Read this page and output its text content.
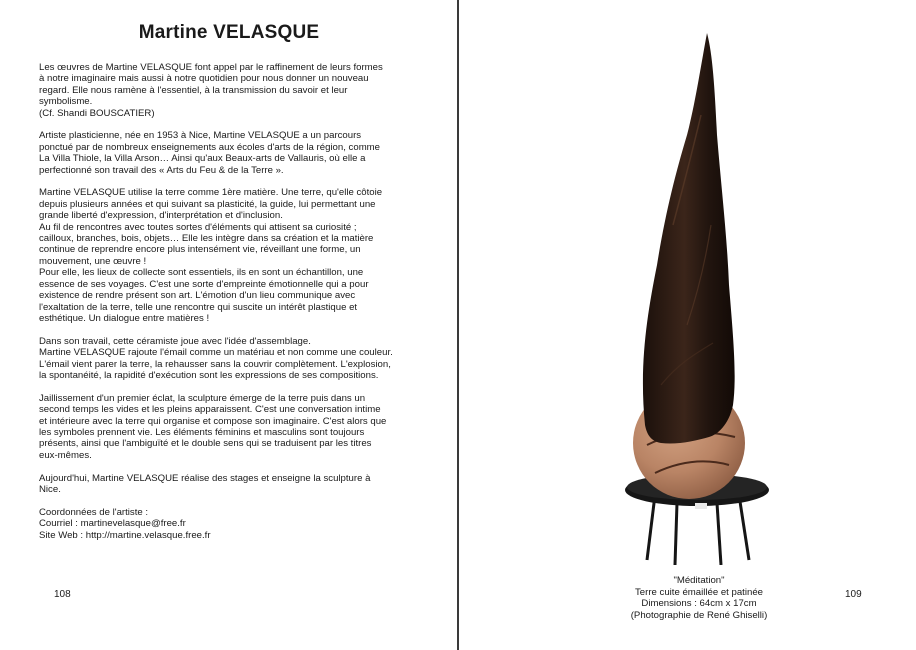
Martine VELASQUE

Les œuvres de Martine VELASQUE font appel par le raffinement de leurs formes
à notre imaginaire mais aussi à notre quotidien pour nous donner un nouveau
regard. Elle nous ramène à l'essentiel, à la transmission du savoir et leur
symbolisme.
(Cf. Shandi BOUSCATIER)

Artiste plasticienne, née en 1953 à Nice, Martine VELASQUE a un parcours
ponctué par de nombreux enseignements aux écoles d'arts de la région, comme
La Villa Thiole, la Villa Arson… Ainsi qu'aux Beaux-arts de Vallauris, où elle a
perfectionné son travail des « Arts du Feu & de la Terre ».

Martine VELASQUE utilise la terre comme 1ère matière. Une terre, qu'elle côtoie
depuis plusieurs années et qui suivant sa plasticité, la guide, lui permettant une
grande liberté d'expression, d'interprétation et d'inclusion.
Au fil de rencontres avec toutes sortes d'éléments qui attisent sa curiosité ;
cailloux, branches, bois, objets… Elle les intègre dans sa création et la matière
continue de reprendre encore plus intensément vie, réveillant une forme, un
mouvement, une œuvre !
Pour elle, les lieux de collecte sont essentiels, ils en sont un échantillon, une
essence de ses voyages. C'est une sorte d'empreinte émotionnelle qui a pour
existence de rendre présent son art. L'émotion d'un lieu communique avec
l'exaltation de la terre, telle une rencontre qui suscite un intérêt plastique et
esthétique. Un dialogue entre matières !

Dans son travail, cette céramiste joue avec l'idée d'assemblage.
Martine VELASQUE rajoute l'émail comme un matériau et non comme une couleur.
L'émail vient parer la terre, la rehausser sans la couvrir complètement. L'explosion,
la spontanéité, la rapidité d'exécution sont les expressions de ses compositions.

Jaillissement d'un premier éclat, la sculpture émerge de la terre puis dans un
second temps les vides et les pleins apparaissent. C'est une conversation intime
et intérieure avec la terre qui organise et compose son imaginaire. C'est alors que
les symboles prennent vie. Les éléments féminins et masculins sont toujours
présents, ainsi que l'ambiguïté et le double sens qui se traduisent par les titres
eux-mêmes.

Aujourd'hui, Martine VELASQUE réalise des stages et enseigne la sculpture à
Nice.

Coordonnées de l'artiste :
Courriel : martinevelasque@free.fr
Site Web : http://martine.velasque.free.fr

108
"Méditation"
Terre cuite émaillée et patinée
Dimensions : 64cm x 17cm
(Photographie de René Ghiselli)
109
